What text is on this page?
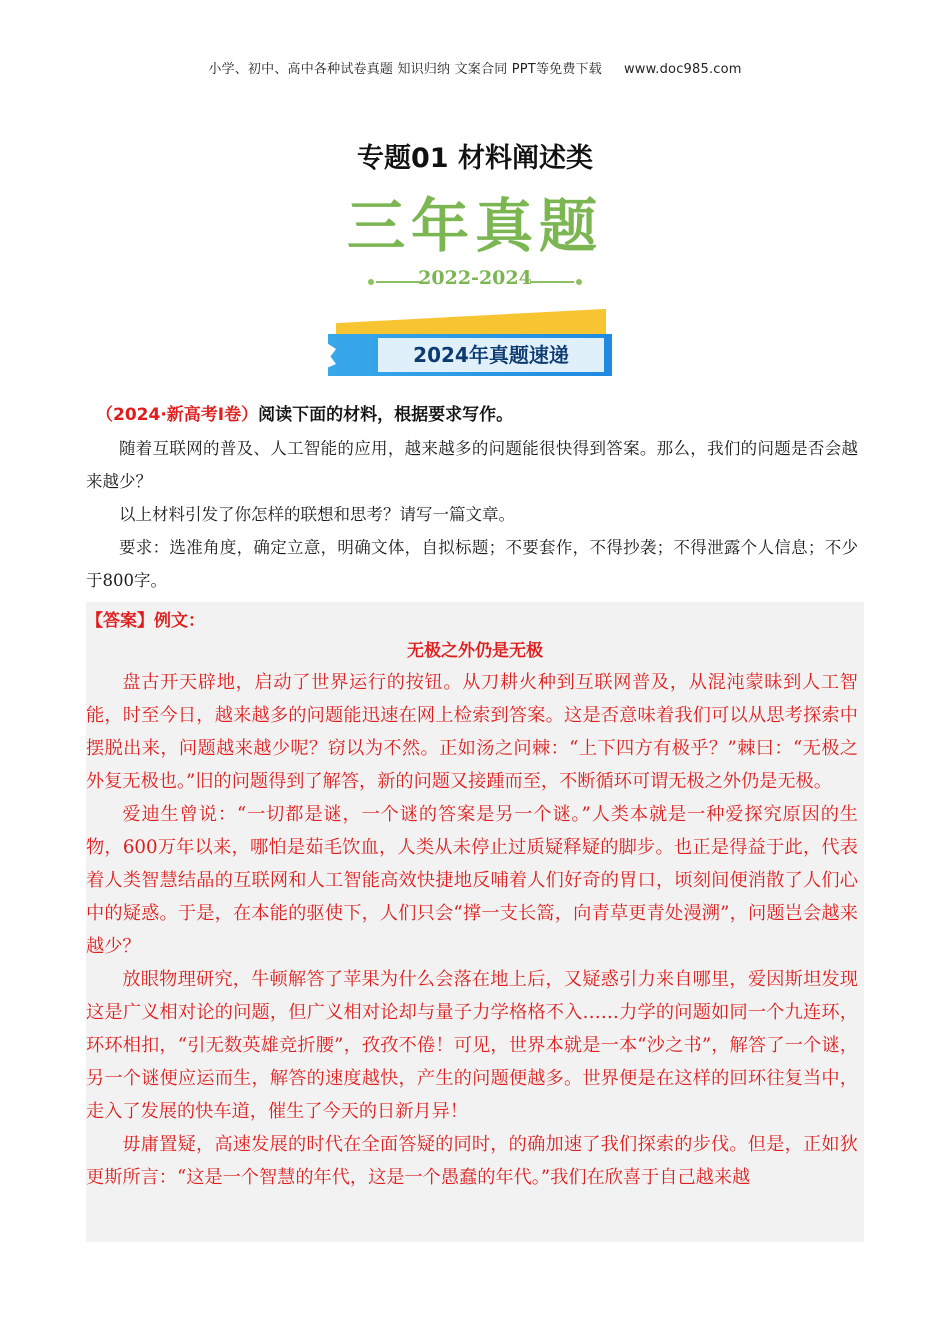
小学、初中、高中各种试卷真题 知识归纳 文案合同 PPT等免费下载 www.doc985.com
专题01 材料阐述类
三年真题
2022-2024
2024年真题速递
（2024·新高考Ⅰ卷）阅读下面的材料，根据要求写作。
随着互联网的普及、人工智能的应用，越来越多的问题能很快得到答案。那么，我们的问题是否会越来越少？
以上材料引发了你怎样的联想和思考？请写一篇文章。
要求：选准角度，确定立意，明确文体，自拟标题；不要套作，不得抄袭；不得泄露个人信息；不少于800字。
【答案】例文：
无极之外仍是无极

盘古开天辟地，启动了世界运行的按钮。从刀耕火种到互联网普及，从混沌蒙昧到人工智能，时至今日，越来越多的问题能迅速在网上检索到答案。这是否意味着我们可以从思考探索中摆脱出来，问题越来越少呢？窃以为不然。正如汤之问棘：“上下四方有极乎？”棘曰：“无极之外复无极也。”旧的问题得到了解答，新的问题又接踵而至，不断循环可谓无极之外仍是无极。

爱迪生曾说：“一切都是谜，一个谜的答案是另一个谜。”人类本就是一种爱探究原因的生物，600万年以来，哪怕是茹毛饮血，人类从未停止过质疑释疑的脚步。也正是得益于此，代表着人类智慧结晶的互联网和人工智能高效快捷地反哺着人们好奇的胃口，顷刻间便消散了人们心中的疑惑。于是，在本能的驱使下，人们只会“撑一支长篙，向青草更青处漫溯”，问题岂会越来越少？

放眼物理研究，牛顿解答了苹果为什么会落在地上后，又疑惑引力来自哪里，爱因斯坦发现这是广义相对论的问题，但广义相对论却与量子力学格格不入……力学的问题如同一个九连环，环环相扣，“引无数英雄竞折腰”，孜孜不倦！可见，世界本就是一本“沙之书”，解答了一个谜，另一个谜便应运而生，解答的速度越快，产生的问题便越多。世界便是在这样的回环往复当中，走入了发展的快车道，催生了今天的日新月异！

毋庸置疑，高速发展的时代在全面答疑的同时，的确加速了我们探索的步伐。但是，正如狄更斯所言：“这是一个智慧的年代，这是一个愚蠢的年代。”我们在欣喜于自己越来越
